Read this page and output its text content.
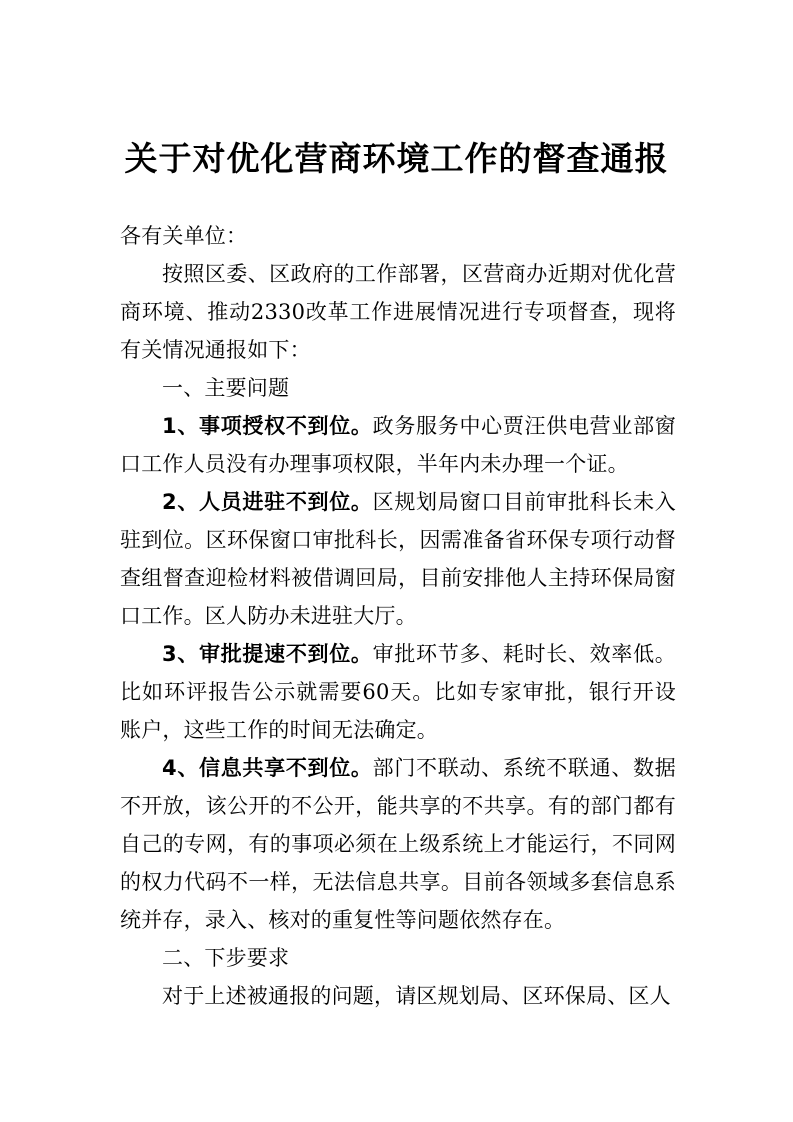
关于对优化营商环境工作的督查通报

各有关单位：

按照区委、区政府的工作部署，区营商办近期对优化营商环境、推动2330改革工作进展情况进行专项督查，现将有关情况通报如下：

一、主要问题

1、事项授权不到位。政务服务中心贾汪供电营业部窗口工作人员没有办理事项权限，半年内未办理一个证。

2、人员进驻不到位。区规划局窗口目前审批科长未入驻到位。区环保窗口审批科长，因需准备省环保专项行动督查组督查迎检材料被借调回局，目前安排他人主持环保局窗口工作。区人防办未进驻大厅。

3、审批提速不到位。审批环节多、耗时长、效率低。比如环评报告公示就需要60天。比如专家审批，银行开设账户，这些工作的时间无法确定。

4、信息共享不到位。部门不联动、系统不联通、数据不开放，该公开的不公开，能共享的不共享。有的部门都有自己的专网，有的事项必须在上级系统上才能运行，不同网的权力代码不一样，无法信息共享。目前各领域多套信息系统并存，录入、核对的重复性等问题依然存在。

二、下步要求

对于上述被通报的问题，请区规划局、区环保局、区人
